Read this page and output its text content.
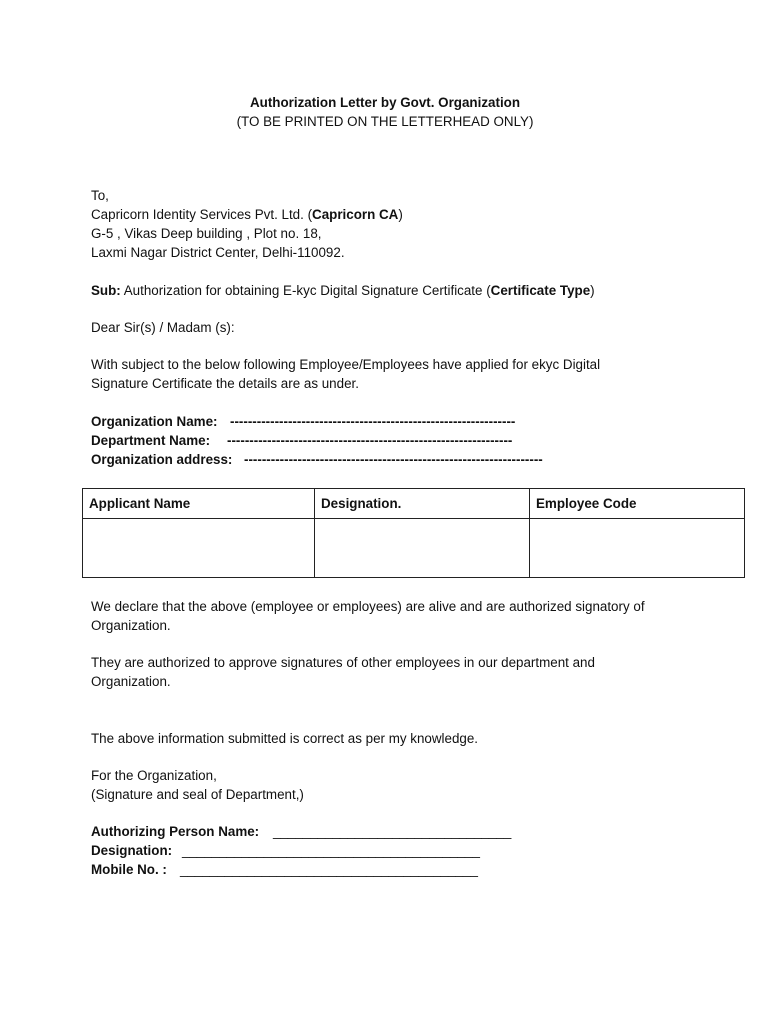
Authorization Letter by Govt. Organization
(TO BE PRINTED ON THE LETTERHEAD ONLY)
To,
Capricorn Identity Services Pvt. Ltd. (Capricorn CA)
G-5 , Vikas Deep building , Plot no. 18,
Laxmi Nagar District Center, Delhi-110092.
Sub: Authorization for obtaining E-kyc Digital Signature Certificate (Certificate Type)
Dear Sir(s) / Madam (s):
With subject to the below following Employee/Employees have applied for ekyc Digital
Signature Certificate the details are as under.
Organization Name: ----------------------------------------------------------------
Department Name: ----------------------------------------------------------------
Organization address: -------------------------------------------------------------------
Applicant Name	Designation.	Employee Code

We declare that the above (employee or employees) are alive and are authorized signatory of
Organization.
They are authorized to approve signatures of other employees in our department and
Organization.
The above information submitted is correct as per my knowledge.
For the Organization,
(Signature and seal of Department,)
Authorizing Person Name: ________________________________
Designation: ________________________________________
Mobile No. : ________________________________________
